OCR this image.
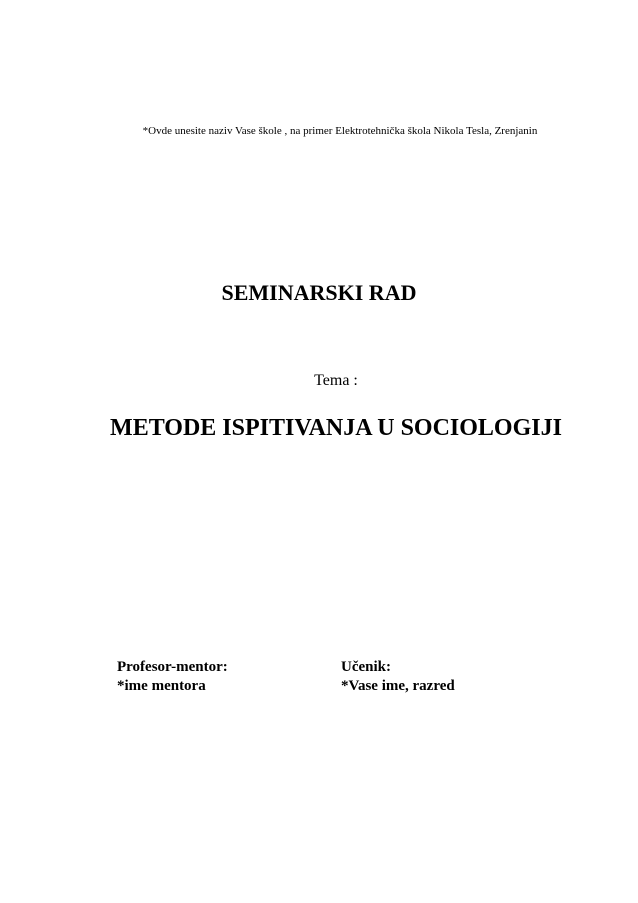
*Ovde unesite naziv Vase škole , na primer Elektrotehnička škola Nikola Tesla, Zrenjanin
SEMINARSKI RAD
Tema :
METODE ISPITIVANJA U SOCIOLOGIJI
Profesor-mentor:
*ime mentora
Učenik:
*Vase ime, razred
